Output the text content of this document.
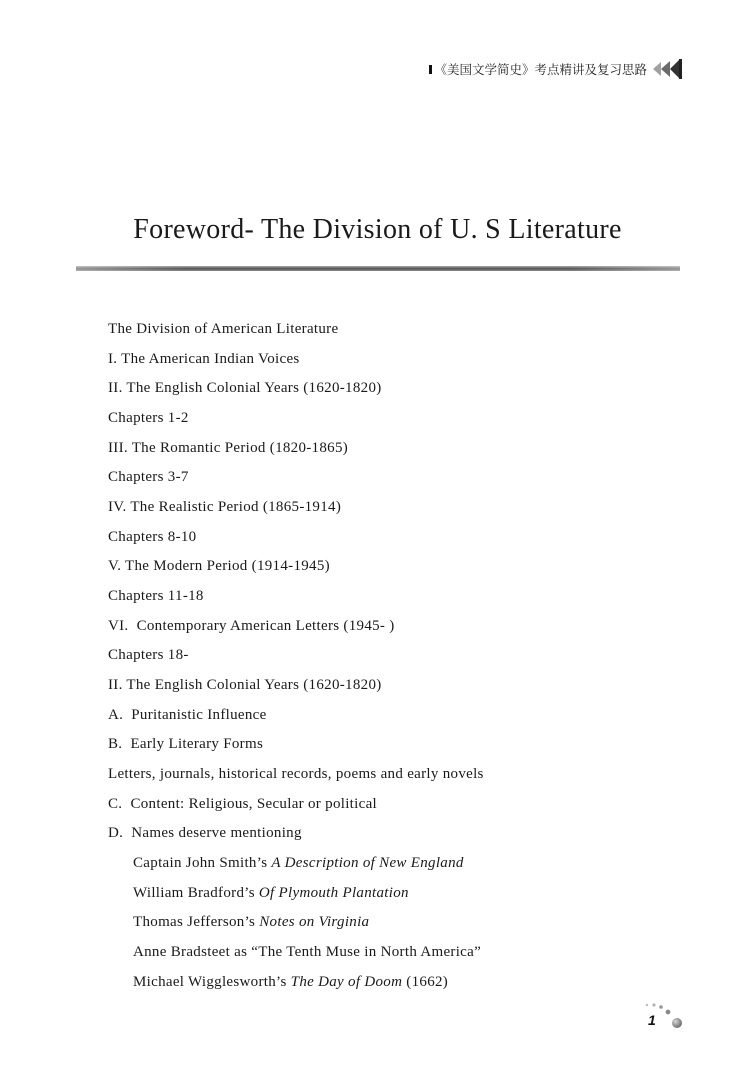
《美国文学简史》考点精讲及复习思路
Foreword- The Division of U. S Literature
The Division of American Literature
I. The American Indian Voices
II. The English Colonial Years (1620-1820)
Chapters 1-2
III. The Romantic Period (1820-1865)
Chapters 3-7
IV. The Realistic Period (1865-1914)
Chapters 8-10
V. The Modern Period (1914-1945)
Chapters 11-18
VI.  Contemporary American Letters (1945- )
Chapters 18-
II. The English Colonial Years (1620-1820)
A.  Puritanistic Influence
B.  Early Literary Forms
Letters, journals, historical records, poems and early novels
C.  Content: Religious, Secular or political
D.  Names deserve mentioning
Captain John Smith’s A Description of New England
William Bradford’s Of Plymouth Plantation
Thomas Jefferson’s Notes on Virginia
Anne Bradsteet as “The Tenth Muse in North America”
Michael Wigglesworth’s The Day of Doom (1662)
1
